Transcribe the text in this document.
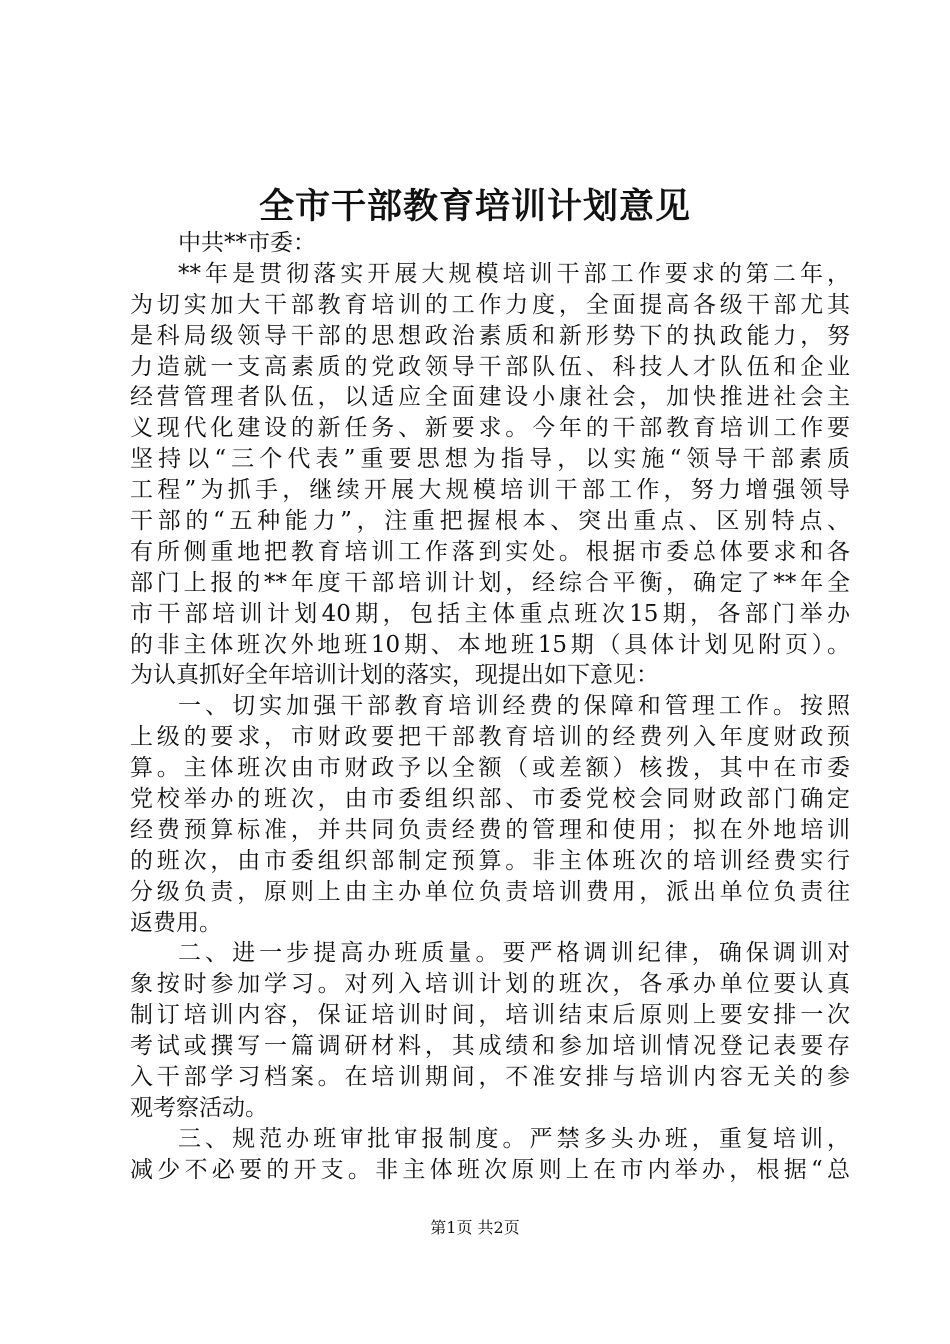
全市干部教育培训计划意见
中共**市委：
**年是贯彻落实开展大规模培训干部工作要求的第二年，
为切实加大干部教育培训的工作力度，全面提高各级干部尤其
是科局级领导干部的思想政治素质和新形势下的执政能力，努
力造就一支高素质的党政领导干部队伍、科技人才队伍和企业
经营管理者队伍，以适应全面建设小康社会，加快推进社会主
义现代化建设的新任务、新要求。今年的干部教育培训工作要
坚持以“三个代表”重要思想为指导，以实施“领导干部素质
工程”为抓手，继续开展大规模培训干部工作，努力增强领导
干部的“五种能力”，注重把握根本、突出重点、区别特点、
有所侧重地把教育培训工作落到实处。根据市委总体要求和各
部门上报的**年度干部培训计划，经综合平衡，确定了**年全
市干部培训计划40期，包括主体重点班次15期，各部门举办
的非主体班次外地班10期、本地班15期（具体计划见附页）。
为认真抓好全年培训计划的落实，现提出如下意见：
一、切实加强干部教育培训经费的保障和管理工作。按照
上级的要求，市财政要把干部教育培训的经费列入年度财政预
算。主体班次由市财政予以全额（或差额）核拨，其中在市委
党校举办的班次，由市委组织部、市委党校会同财政部门确定
经费预算标准，并共同负责经费的管理和使用；拟在外地培训
的班次，由市委组织部制定预算。非主体班次的培训经费实行
分级负责，原则上由主办单位负责培训费用，派出单位负责往
返费用。
二、进一步提高办班质量。要严格调训纪律，确保调训对
象按时参加学习。对列入培训计划的班次，各承办单位要认真
制订培训内容，保证培训时间，培训结束后原则上要安排一次
考试或撰写一篇调研材料，其成绩和参加培训情况登记表要存
入干部学习档案。在培训期间，不准安排与培训内容无关的参
观考察活动。
三、规范办班审批审报制度。严禁多头办班，重复培训，
减少不必要的开支。非主体班次原则上在市内举办，根据“总
第1页 共2页
